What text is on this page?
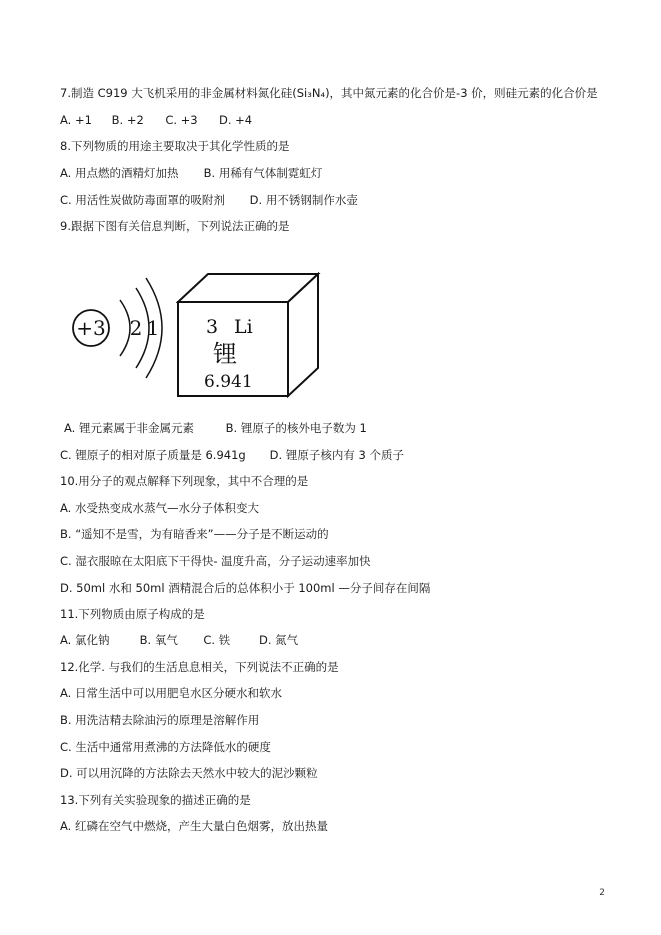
7.制造 C919 大飞机采用的非金属材料氮化硅(Si₃N₄)，其中氮元素的化合价是-3 价，则硅元素的化合价是
A. +1 B. +2 C. +3 D. +4
8.下列物质的用途主要取决于其化学性质的是
A. 用点燃的酒精灯加热 B. 用稀有气体制霓虹灯
C. 用活性炭做防毒面罩的吸附剂 D. 用不锈钢制作水壶
9.跟据下图有关信息判断，下列说法正确的是
+3 2 1 3 Li
锂
6.941
A. 锂元素属于非金属元素	B. 锂原子的核外电子数为 1
C. 锂原子的相对原子质量是 6.941g D. 锂原子核内有 3 个质子
10.用分子的观点解释下列现象，其中不合理的是
A. 水受热变成水蒸气—水分子体积变大
B. “遥知不是雪，为有暗香来”——分子是不断运动的
C. 湿衣服晾在太阳底下干得快- 温度升高，分子运动速率加快
D. 50ml 水和 50ml 酒精混合后的总体积小于 100ml —分子间存在间隔
11.下列物质由原子构成的是
A. 氯化钠	B. 氧气 C. 铁	D. 氮气
12.化学. 与我们的生活息息相关，下列说法不正确的是
A. 日常生活中可以用肥皂水区分硬水和软水
B. 用洗洁精去除油污的原理是溶解作用
C. 生活中通常用煮沸的方法降低水的硬度
D. 可以用沉降的方法除去天然水中较大的泥沙颗粒
13.下列有关实验现象的描述正确的是
A. 红磷在空气中燃烧，产生大量白色烟雾，放出热量
2
